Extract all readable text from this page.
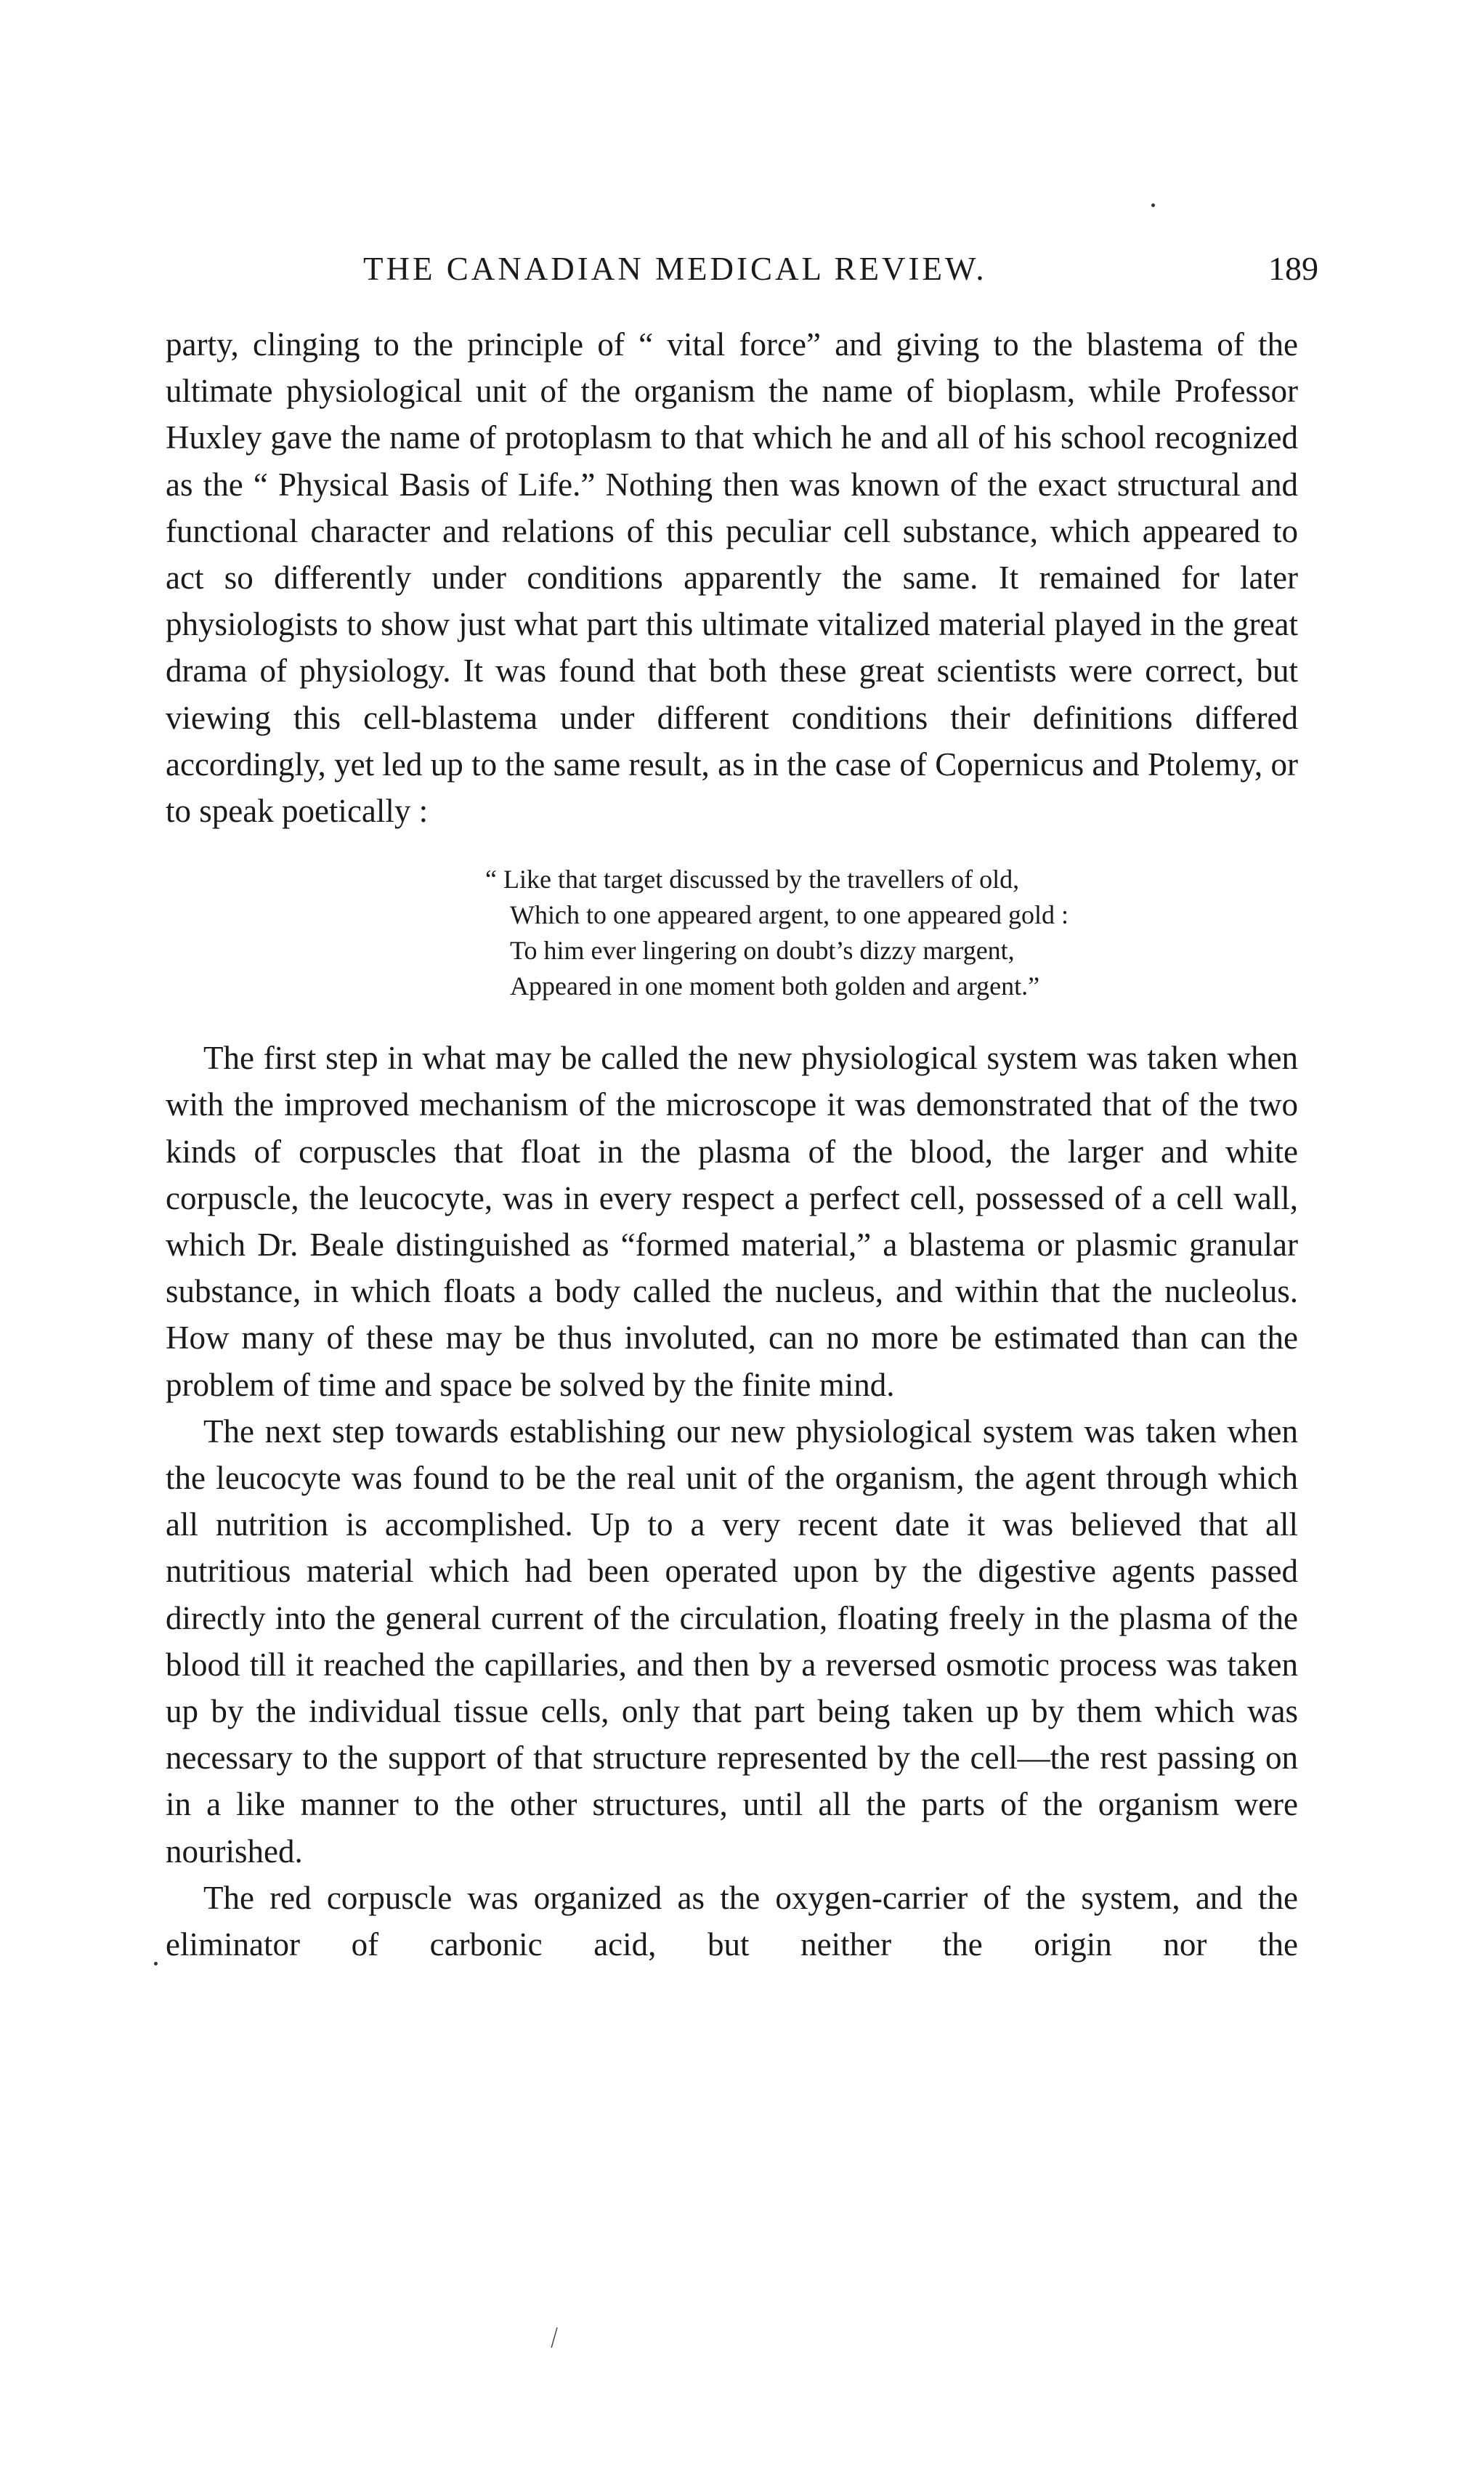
THE CANADIAN MEDICAL REVIEW.	189

party, clinging to the principle of “ vital force” and giving to the blastema of the ultimate physiological unit of the organism the name of bioplasm, while Professor Huxley gave the name of protoplasm to that which he and all of his school recognized as the “ Physical Basis of Life.” Nothing then was known of the exact structural and functional character and relations of this peculiar cell substance, which appeared to act so differently under conditions apparently the same. It remained for later physiologists to show just what part this ultimate vitalized material played in the great drama of physiology. It was found that both these great scientists were correct, but viewing this cell-blastema under different conditions their definitions differed accordingly, yet led up to the same result, as in the case of Copernicus and Ptolemy, or to speak poetically :

“ Like that target discussed by the travellers of old,
Which to one appeared argent, to one appeared gold :
To him ever lingering on doubt’s dizzy margent,
Appeared in one moment both golden and argent.”

The first step in what may be called the new physiological system was taken when with the improved mechanism of the microscope it was demonstrated that of the two kinds of corpuscles that float in the plasma of the blood, the larger and white corpuscle, the leucocyte, was in every respect a perfect cell, possessed of a cell wall, which Dr. Beale distinguished as “formed material,” a blastema or plasmic granular substance, in which floats a body called the nucleus, and within that the nucleolus. How many of these may be thus involuted, can no more be estimated than can the problem of time and space be solved by the finite mind.

The next step towards establishing our new physiological system was taken when the leucocyte was found to be the real unit of the organism, the agent through which all nutrition is accomplished. Up to a very recent date it was believed that all nutritious material which had been operated upon by the digestive agents passed directly into the general current of the circulation, floating freely in the plasma of the blood till it reached the capillaries, and then by a reversed osmotic process was taken up by the individual tissue cells, only that part being taken up by them which was necessary to the support of that structure represented by the cell—the rest passing on in a like manner to the other structures, until all the parts of the organism were nourished.

The red corpuscle was organized as the oxygen-carrier of the system, and the eliminator of carbonic acid, but neither the origin nor the

⁄
